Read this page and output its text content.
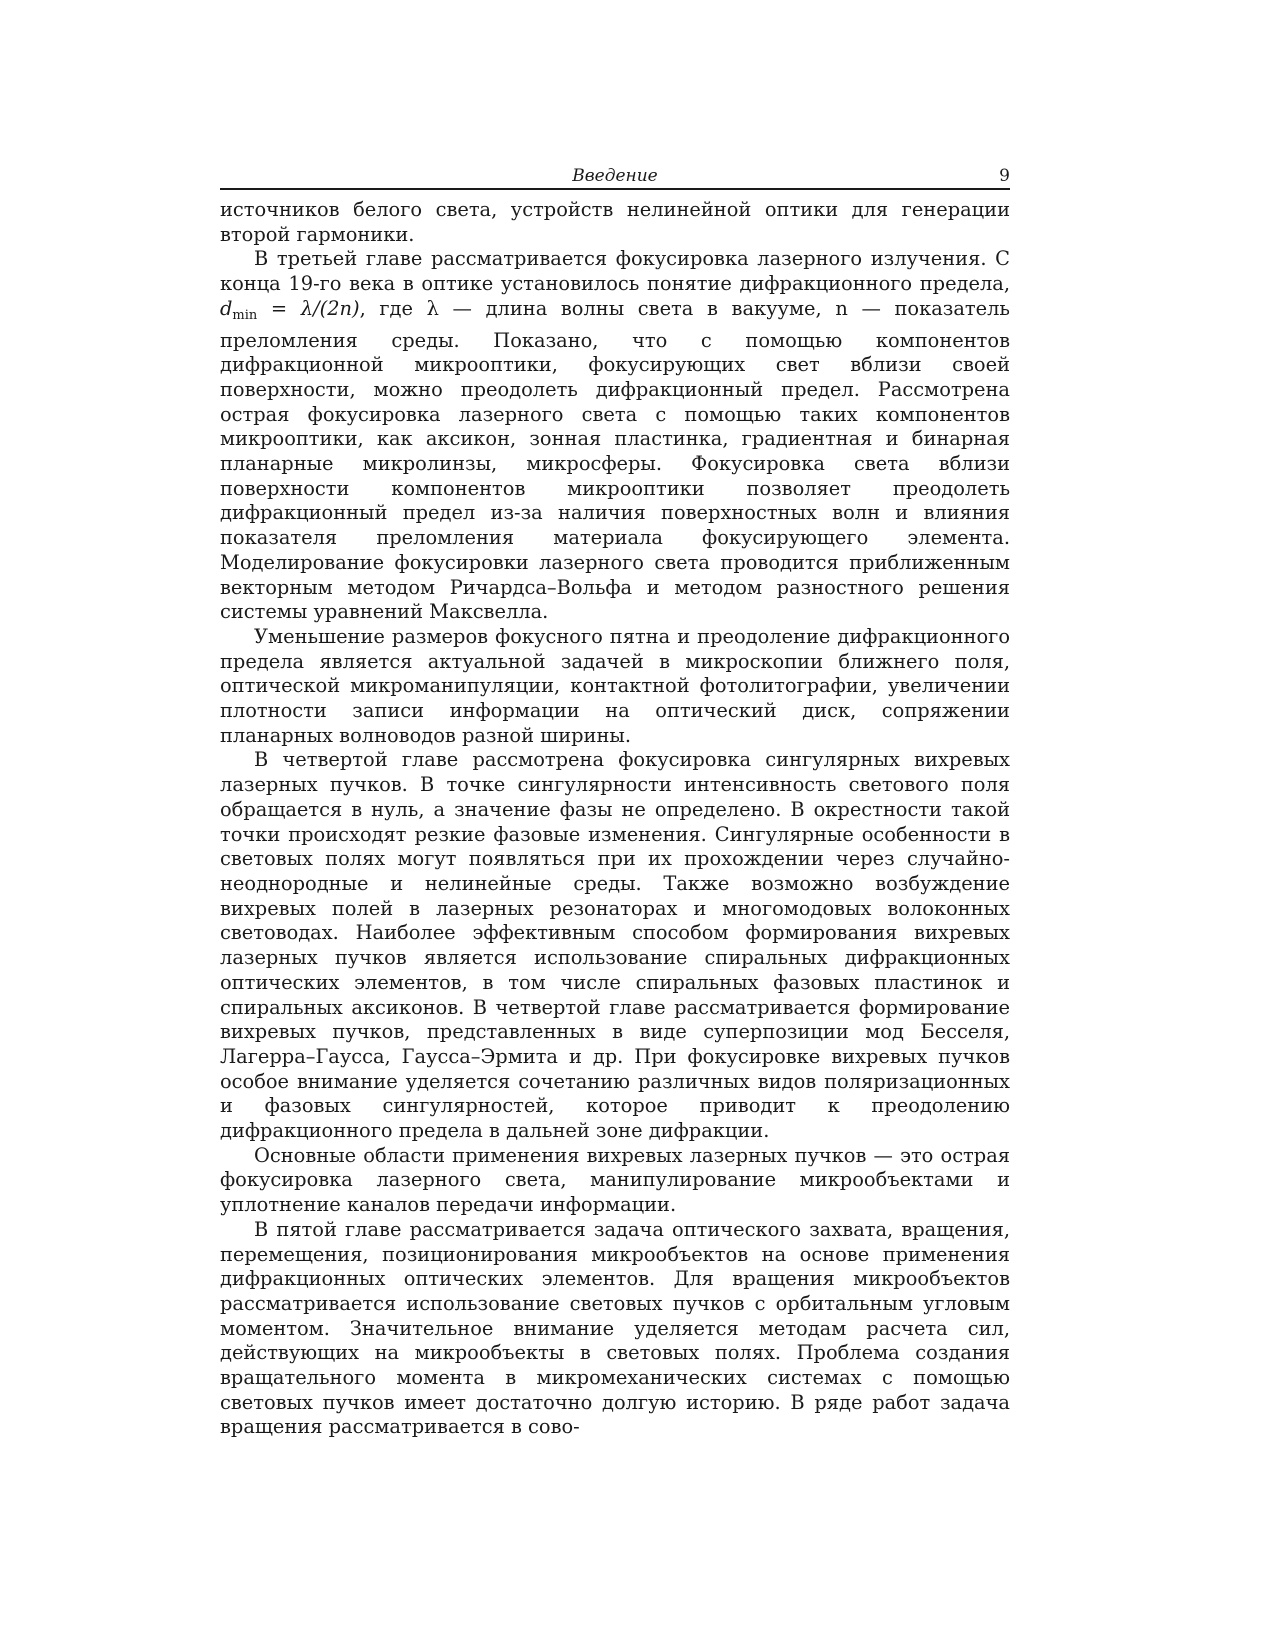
Введение	9

источников белого света, устройств нелинейной оптики для генерации второй гармоники.

В третьей главе рассматривается фокусировка лазерного излучения. С конца 19-го века в оптике установилось понятие дифракционного предела, $d_{min} = \lambda/(2n)$, где λ — длина волны света в вакууме, n — показатель преломления среды. Показано, что с помощью компонентов дифракционной микрооптики, фокусирующих свет вблизи своей поверхности, можно преодолеть дифракционный предел. Рассмотрена острая фокусировка лазерного света с помощью таких компонентов микрооптики, как аксикон, зонная пластинка, градиентная и бинарная планарные микролинзы, микросферы. Фокусировка света вблизи поверхности компонентов микрооптики позволяет преодолеть дифракционный предел из-за наличия поверхностных волн и влияния показателя преломления материала фокусирующего элемента. Моделирование фокусировки лазерного света проводится приближенным векторным методом Ричардса–Вольфа и методом разностного решения системы уравнений Максвелла.

Уменьшение размеров фокусного пятна и преодоление дифракционного предела является актуальной задачей в микроскопии ближнего поля, оптической микроманипуляции, контактной фотолитографии, увеличении плотности записи информации на оптический диск, сопряжении планарных волноводов разной ширины.

В четвертой главе рассмотрена фокусировка сингулярных вихревых лазерных пучков. В точке сингулярности интенсивность светового поля обращается в нуль, а значение фазы не определено. В окрестности такой точки происходят резкие фазовые изменения. Сингулярные особенности в световых полях могут появляться при их прохождении через случайно-неоднородные и нелинейные среды. Также возможно возбуждение вихревых полей в лазерных резонаторах и многомодовых волоконных световодах. Наиболее эффективным способом формирования вихревых лазерных пучков является использование спиральных дифракционных оптических элементов, в том числе спиральных фазовых пластинок и спиральных аксиконов. В четвертой главе рассматривается формирование вихревых пучков, представленных в виде суперпозиции мод Бесселя, Лагерра–Гаусса, Гаусса–Эрмита и др. При фокусировке вихревых пучков особое внимание уделяется сочетанию различных видов поляризационных и фазовых сингулярностей, которое приводит к преодолению дифракционного предела в дальней зоне дифракции.

Основные области применения вихревых лазерных пучков — это острая фокусировка лазерного света, манипулирование микрообъектами и уплотнение каналов передачи информации.

В пятой главе рассматривается задача оптического захвата, вращения, перемещения, позиционирования микрообъектов на основе применения дифракционных оптических элементов. Для вращения микрообъектов рассматривается использование световых пучков с орбитальным угловым моментом. Значительное внимание уделяется методам расчета сил, действующих на микрообъекты в световых полях. Проблема создания вращательного момента в микромеханических системах с помощью световых пучков имеет достаточно долгую историю. В ряде работ задача вращения рассматривается в сово-
